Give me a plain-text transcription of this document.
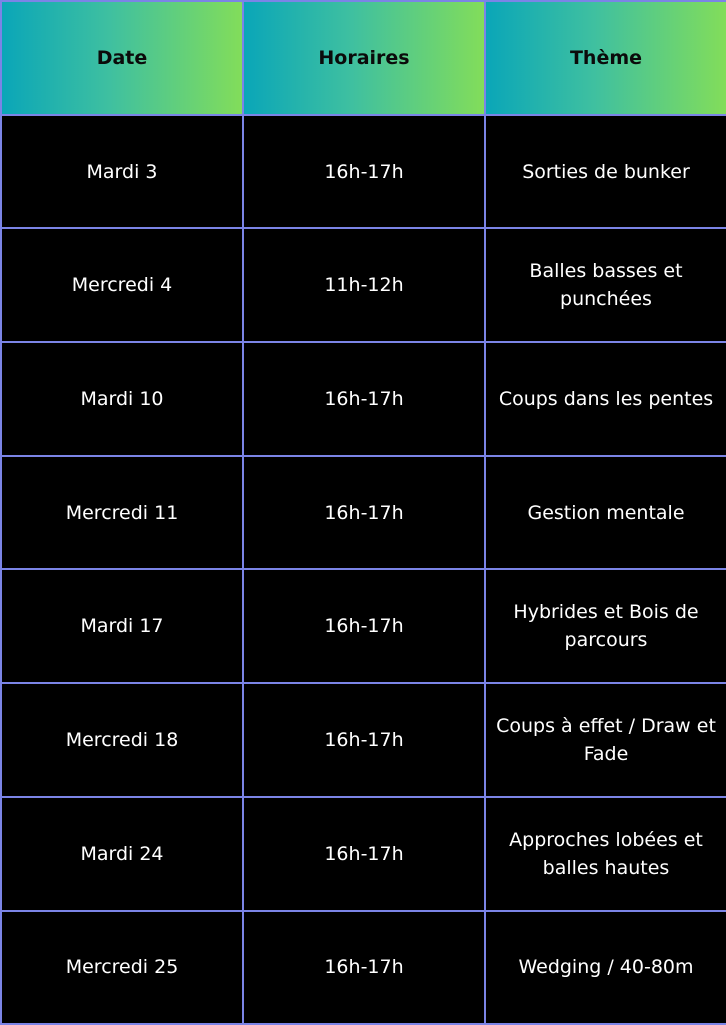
Date	Horaires	Thème
Mardi 3	16h-17h	Sorties de bunker
Mercredi 4	11h-12h	Balles basses et punchées
Mardi 10	16h-17h	Coups dans les pentes
Mercredi 11	16h-17h	Gestion mentale
Mardi 17	16h-17h	Hybrides et Bois de parcours
Mercredi 18	16h-17h	Coups à effet / Draw et Fade
Mardi 24	16h-17h	Approches lobées et balles hautes
Mercredi 25	16h-17h	Wedging / 40-80m
